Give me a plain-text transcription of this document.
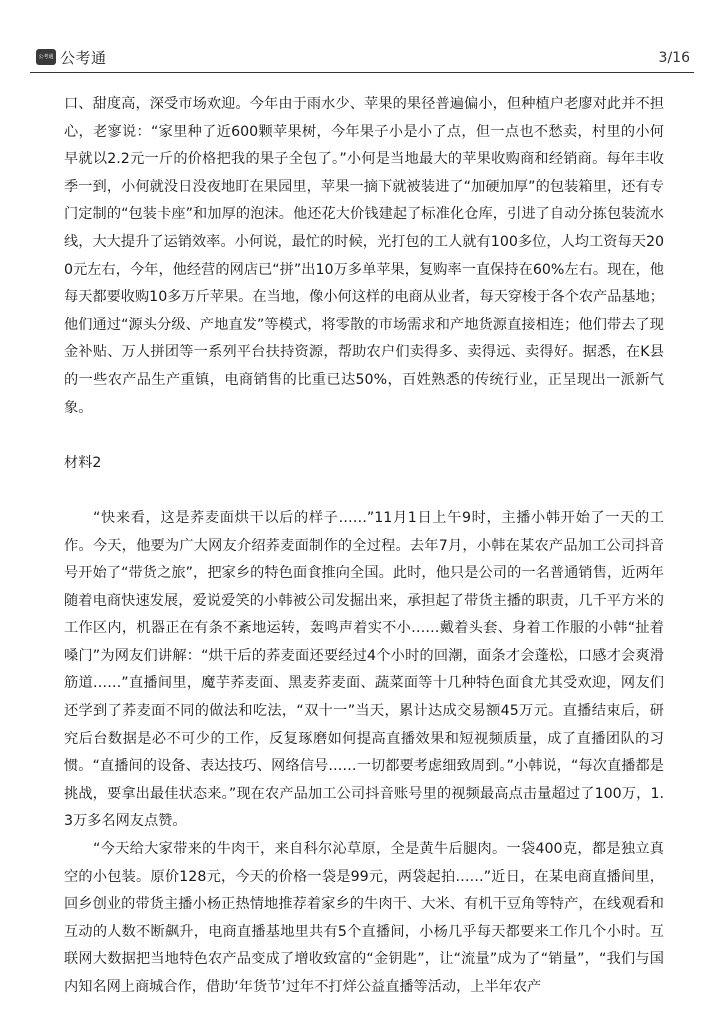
公考通 公考通	3/16

口、甜度高，深受市场欢迎。今年由于雨水少、苹果的果径普遍偏小，但种植户老廖对此并不担心，老寥说：“家里种了近600颗苹果树，今年果子小是小了点，但一点也不愁卖，村里的小何早就以2.2元一斤的价格把我的果子全包了。”小何是当地最大的苹果收购商和经销商。每年丰收季一到，小何就没日没夜地盯在果园里，苹果一摘下就被装进了“加硬加厚”的包装箱里，还有专门定制的“包装卡座”和加厚的泡沫。他还花大价钱建起了标准化仓库，引进了自动分拣包装流水线，大大提升了运销效率。小何说，最忙的时候，光打包的工人就有100多位，人均工资每天200元左右，今年，他经营的网店已“拼”出10万多单苹果，复购率一直保持在60%左右。现在，他每天都要收购10多万斤苹果。在当地，像小何这样的电商从业者，每天穿梭于各个农产品基地；他们通过“源头分级、产地直发”等模式，将零散的市场需求和产地货源直接相连；他们带去了现金补贴、万人拼团等一系列平台扶持资源，帮助农户们卖得多、卖得远、卖得好。据悉，在K县的一些农产品生产重镇，电商销售的比重已达50%，百姓熟悉的传统行业，正呈现出一派新气象。

材料2

“快来看，这是荞麦面烘干以后的样子……”11月1日上午9时，主播小韩开始了一天的工作。今天，他要为广大网友介绍荞麦面制作的全过程。去年7月，小韩在某农产品加工公司抖音号开始了“带货之旅”，把家乡的特色面食推向全国。此时，他只是公司的一名普通销售，近两年随着电商快速发展，爱说爱笑的小韩被公司发掘出来，承担起了带货主播的职责，几千平方米的工作区内，机器正在有条不紊地运转，轰鸣声着实不小……戴着头套、身着工作服的小韩“扯着嗓门”为网友们讲解：“烘干后的荞麦面还要经过4个小时的回潮，面条才会蓬松，口感才会爽滑筋道……”直播间里，魔芋荞麦面、黑麦荞麦面、蔬菜面等十几种特色面食尤其受欢迎，网友们还学到了荞麦面不同的做法和吃法，“双十一”当天，累计达成交易额45万元。直播结束后，研究后台数据是必不可少的工作，反复琢磨如何提高直播效果和短视频质量，成了直播团队的习惯。“直播间的设备、表达技巧、网络信号……一切都要考虑细致周到。”小韩说，“每次直播都是挑战，要拿出最佳状态来。”现在农产品加工公司抖音账号里的视频最高点击量超过了100万，1.3万多名网友点赞。

“今天给大家带来的牛肉干，来自科尔沁草原，全是黄牛后腿肉。一袋400克，都是独立真空的小包装。原价128元，今天的价格一袋是99元，两袋起拍……”近日，在某电商直播间里，回乡创业的带货主播小杨正热情地推荐着家乡的牛肉干、大米、有机干豆角等特产，在线观看和互动的人数不断飙升，电商直播基地里共有5个直播间，小杨几乎每天都要来工作几个小时。互联网大数据把当地特色农产品变成了增收致富的“金钥匙”，让“流量”成为了“销量”，“我们与国内知名网上商城合作，借助‘年货节’过年不打烊公益直播等活动，上半年农产
